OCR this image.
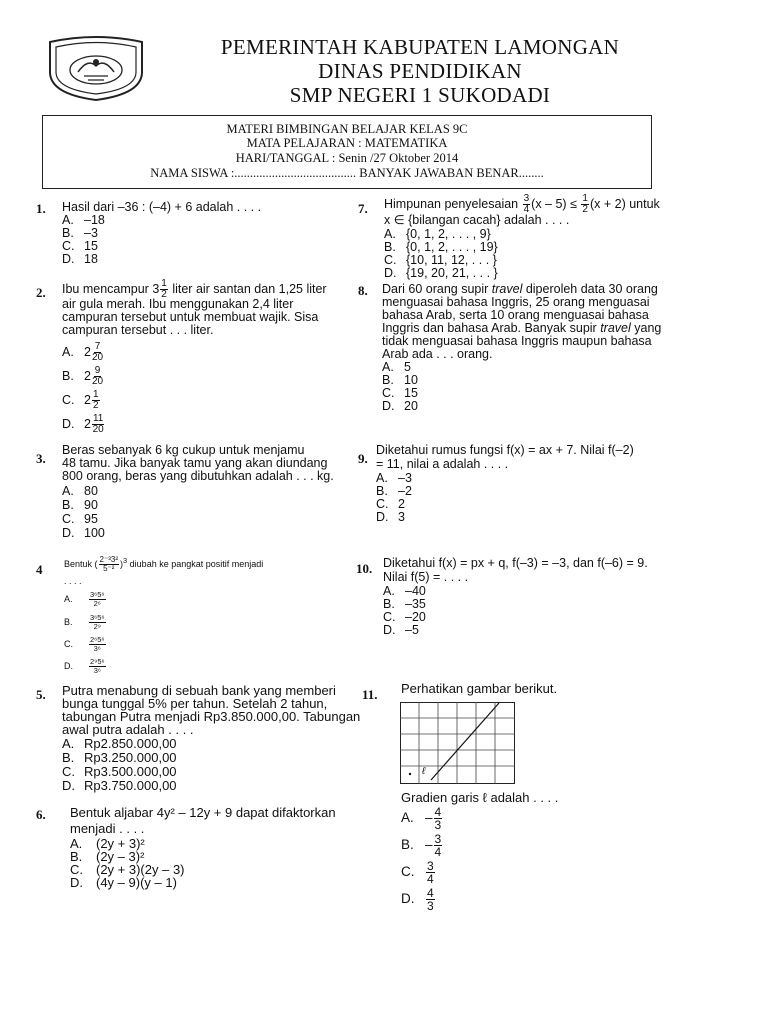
PEMERINTAH KABUPATEN LAMONGAN
DINAS PENDIDIKAN
SMP NEGERI 1 SUKODADI
MATERI BIMBINGAN BELAJAR KELAS 9C
MATA PELAJARAN : MATEMATIKA
HARI/TANGGAL : Senin /27 Oktober 2014
NAMA SISWA :....................................... BANYAK JAWABAN BENAR........
1. Hasil dari –36 : (–4) + 6 adalah . . . .
A. –18
B. –3
C. 15
D. 18
2. Ibu mencampur $3 \frac{1}{2}$ liter air santan dan 1,25 liter
air gula merah. Ibu menggunakan 2,4 liter
campuran tersebut untuk membuat wajik. Sisa
campuran tersebut . . . liter.
A. $2 \frac{7}{20}$
B. $2 \frac{9}{20}$
C. $2 \frac{1}{2}$
D. $2 \frac{11}{20}$
3.
Beras sebanyak 6 kg cukup untuk menjamu
48 tamu. Jika banyak tamu yang akan diundang
800 orang, beras yang dibutuhkan adalah . . . kg.
A. 80
B. 90
C. 95
D. 100
4 Bentuk ( $\frac{\text{2⁻³3²}}{\text{5⁻²}} )^3$ diubah ke pangkat positif menjadi
. . . .
A. $\frac{\text{3⁶5⁶}}{\text{2⁶}}$
B. $\frac{\text{3⁶5⁶}}{\text{2⁹}}$
C. $\frac{\text{2⁶5⁶}}{\text{3⁶}}$
D. $\frac{\text{2⁹5⁶}}{\text{3⁶}}$
5. Putra menabung di sebuah bank yang memberi
bunga tunggal 5% per tahun. Setelah 2 tahun,
tabungan Putra menjadi Rp3.850.000,00. Tabungan
awal putra adalah . . . .
A. Rp2.850.000,00
B. Rp3.250.000,00
C. Rp3.500.000,00
D. Rp3.750.000,00
6. Bentuk aljabar 4y² – 12y + 9 dapat difaktorkan
menjadi . . . .
A. (2y + 3)²
B. (2y – 3)²
C. (2y + 3)(2y – 3)
D. (4y – 9)(y – 1)
7. Himpunan penyelesaian $\frac{3}{4} (x - 5) \le \frac{1}{2} (x + 2)$ untuk
x ∈ {bilangan cacah} adalah . . . .
A. {0, 1, 2, . . . , 9}
B. {0, 1, 2, . . . , 19}
C. {10, 11, 12, . . . }
D. {19, 20, 21, . . . }
8. Dari 60 orang supir travel diperoleh data 30 orang
menguasai bahasa Inggris, 25 orang menguasai
bahasa Arab, serta 10 orang menguasai bahasa
Inggris dan bahasa Arab. Banyak supir travel yang
tidak menguasai bahasa Inggris maupun bahasa
Arab ada . . . orang.
A. 5
B. 10
C. 15
D. 20
9.
Diketahui rumus fungsi f(x) = ax + 7. Nilai f(–2)
= 11, nilai a adalah . . . .
A. –3
B. –2
C. 2
D. 3
10. Diketahui f(x) = px + q, f(–3) = –3, dan f(–6) = 9.
Nilai f(5) = . . . .
A. –40
B. –35
C. –20
D. –5
11. Perhatikan gambar berikut.
ℓ
Gradien garis ℓ adalah . . . .
A. – $\frac{4}{3}$
B. – $\frac{3}{4}$
C. $\frac{3}{4}$
D. $\frac{4}{3}$
